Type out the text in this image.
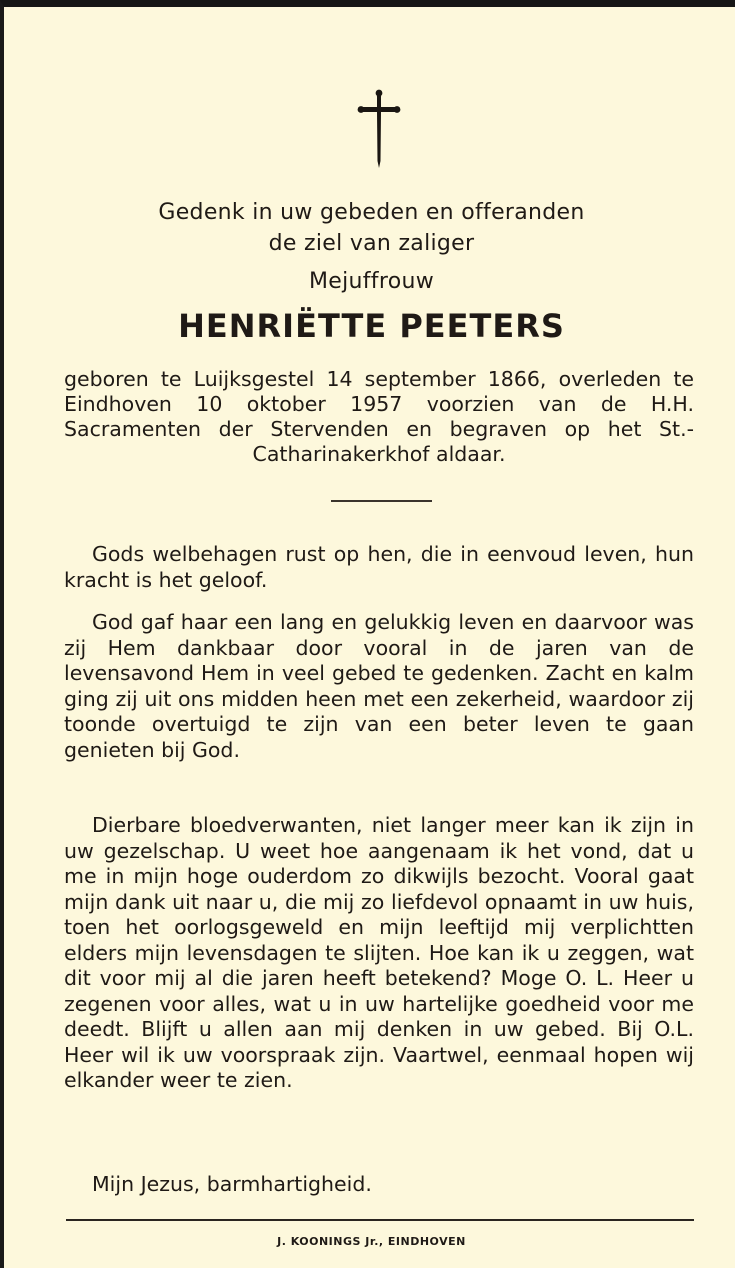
Gedenk in uw gebeden en offeranden
de ziel van zaliger
Mejuffrouw
HENRIËTTE PEETERS
geboren te Luijksgestel 14 september 1866, overleden te Eindhoven 10 oktober 1957 voorzien van de H.H. Sacramenten der Stervenden en begraven op het St.-Catharinakerkhof aldaar.
Gods welbehagen rust op hen, die in eenvoud leven, hun kracht is het geloof.
God gaf haar een lang en gelukkig leven en daarvoor was zij Hem dankbaar door vooral in de jaren van de levensavond Hem in veel gebed te gedenken. Zacht en kalm ging zij uit ons midden heen met een zekerheid, waardoor zij toonde overtuigd te zijn van een beter leven te gaan genieten bij God.
Dierbare bloedverwanten, niet langer meer kan ik zijn in uw gezelschap. U weet hoe aangenaam ik het vond, dat u me in mijn hoge ouderdom zo dikwijls bezocht. Vooral gaat mijn dank uit naar u, die mij zo liefdevol opnaamt in uw huis, toen het oorlogsgeweld en mijn leeftijd mij verplichtten elders mijn levensdagen te slijten. Hoe kan ik u zeggen, wat dit voor mij al die jaren heeft betekend? Moge O. L. Heer u zegenen voor alles, wat u in uw hartelijke goedheid voor me deedt. Blijft u allen aan mij denken in uw gebed. Bij O.L. Heer wil ik uw voorspraak zijn. Vaartwel, eenmaal hopen wij elkander weer te zien.
Mijn Jezus, barmhartigheid.
J. KOONINGS Jr., EINDHOVEN
